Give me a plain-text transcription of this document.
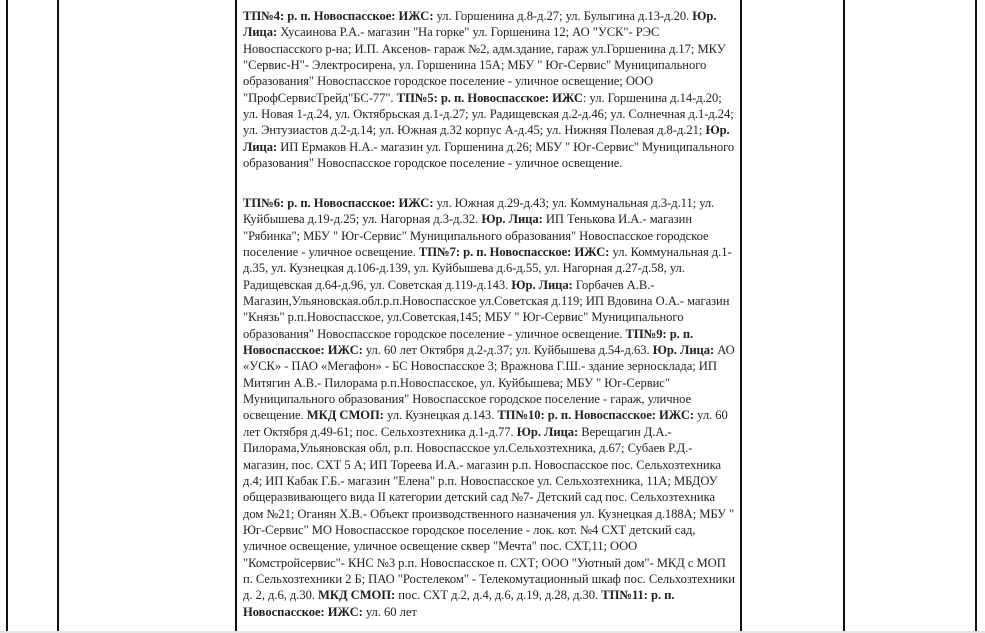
ТП№4: р. п. Новоспасское: ИЖС: ул. Горшенина д.8-д.27; ул. Булыгина д.13-д.20. Юр. Лица: Хусаинова Р.А.- магазин "На горке" ул. Горшенина 12; АО "УСК"- РЭС Новоспасского р-на; И.П. Аксенов- гараж №2, адм.здание, гараж ул.Горшенина д.17; МКУ "Сервис-Н"- Электросирена, ул. Горшенина 15А; МБУ " Юг-Сервис" Муниципального образования" Новоспасское городское поселение - уличное освещение; ООО "ПрофСервисТрейд"БС-77". ТП№5: р. п. Новоспасское: ИЖС: ул. Горшенина д.14-д.20; ул. Новая 1-д.24, ул. Октябрьская д.1-д.27; ул. Радищевская д.2-д.46; ул. Солнечная д.1-д.24; ул. Энтузиастов д.2-д.14; ул. Южная д.32 корпус А-д.45; ул. Нижняя Полевая д.8-д.21; Юр. Лица: ИП Ермаков Н.А.- магазин ул. Горшенина д.26; МБУ " Юг-Сервис" Муниципального образования" Новоспасское городское поселение - уличное освещение.

ТП№6: р. п. Новоспасское: ИЖС: ул. Южная д.29-д.43; ул. Коммунальная д.3-д.11; ул. Куйбышева д.19-д.25; ул. Нагорная д.3-д.32. Юр. Лица: ИП Тенькова И.А.- магазин "Рябинка"; МБУ " Юг-Сервис" Муниципального образования" Новоспасское городское поселение - уличное освещение. ТП№7: р. п. Новоспасское: ИЖС: ул. Коммунальная д.1-д.35, ул. Кузнецкая д.106-д.139, ул. Куйбышева д.6-д.55, ул. Нагорная д.27-д.58, ул. Радищевская д.64-д.96, ул. Советская д.119-д.143. Юр. Лица: Горбачев А.В.- Магазин,Ульяновская.обл.р.п.Новоспасское ул.Советская д.119; ИП Вдовина О.А.- магазин "Князь" р.п.Новоспасское, ул.Советская,145; МБУ " Юг-Сервис" Муниципального образования" Новоспасское городское поселение - уличное освещение. ТП№9: р. п. Новоспасское: ИЖС: ул. 60 лет Октября д.2-д.37; ул. Куйбышева д.54-д.63. Юр. Лица: АО «УСК» - ПАО «Мегафон» - БС Новоспасское 3; Вражнова Г.Ш.- здание зерносклада; ИП Митягин А.В.- Пилорама р.п.Новоспасское, ул. Куйбышева; МБУ " Юг-Сервис" Муниципального образования" Новоспасское городское поселение - гараж, уличное освещение. МКД СМОП: ул. Кузнецкая д.143. ТП№10: р. п. Новоспасское: ИЖС: ул. 60 лет Октября д.49-61; пос. Сельхозтехника д.1-д.77. Юр. Лица: Верещагин Д.А.- Пилорама,Ульяновская обл, р.п. Новоспасское ул.Сельхозтехника, д.67; Субаев Р.Д.- магазин, пос. СХТ 5 А; ИП Тореева И.А.- магазин р.п. Новоспасское пос. Сельхозтехника д.4; ИП Кабак Г.Б.- магазин "Елена" р.п. Новоспасское ул. Сельхозтехника, 11А; МБДОУ общеразвивающего вида II категории детский сад №7- Детский сад пос. Сельхозтехника дом №21; Оганян Х.В.- Объект производственного назначения ул. Кузнецкая д.188А; МБУ " Юг-Сервис" МО Новоспасское городское поселение - лок. кот. №4 СХТ детский сад, уличное освещение, уличное освещение сквер "Мечта" пос. СХТ,11; ООО "Комстройсервис"- КНС №3 р.п. Новоспасское п. СХТ; ООО "Уютный дом"- МКД с МОП п. Сельхозтехники 2 Б; ПАО "Ростелеком" - Телекомутационный шкаф пос. Сельхозтехники д. 2, д.6, д.30. МКД СМОП: пос. СХТ д.2, д.4, д.6, д.19, д.28, д.30. ТП№11: р. п. Новоспасское: ИЖС: ул. 60 лет
